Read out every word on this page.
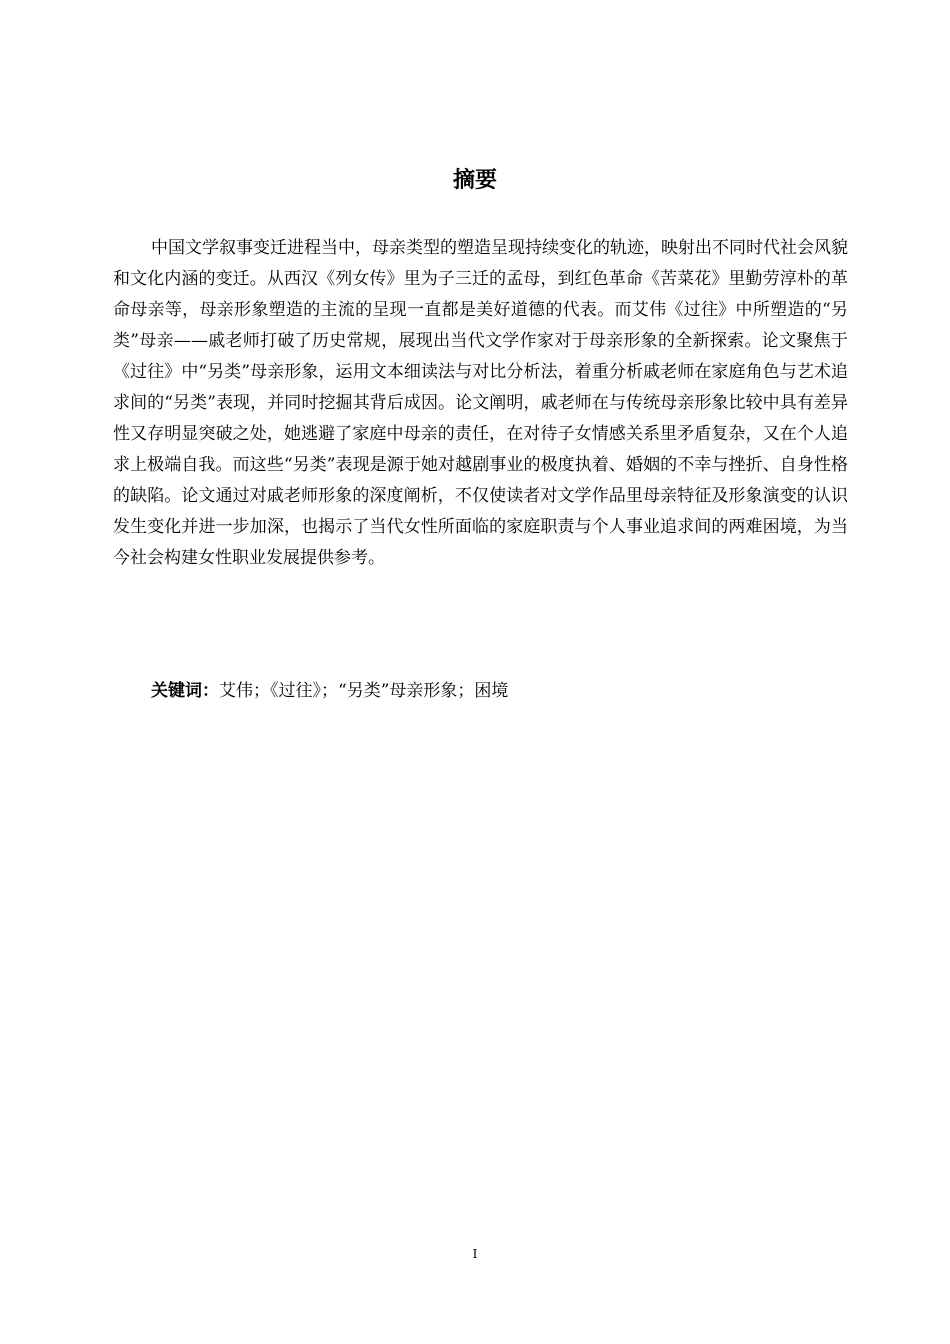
摘要

中国文学叙事变迁进程当中，母亲类型的塑造呈现持续变化的轨迹，映射出不同时代社会风貌和文化内涵的变迁。从西汉《列女传》里为子三迁的孟母，到红色革命《苦菜花》里勤劳淳朴的革命母亲等，母亲形象塑造的主流的呈现一直都是美好道德的代表。而艾伟《过往》中所塑造的“另类”母亲——戚老师打破了历史常规，展现出当代文学作家对于母亲形象的全新探索。论文聚焦于《过往》中“另类”母亲形象，运用文本细读法与对比分析法，着重分析戚老师在家庭角色与艺术追求间的“另类”表现，并同时挖掘其背后成因。论文阐明，戚老师在与传统母亲形象比较中具有差异性又存明显突破之处，她逃避了家庭中母亲的责任，在对待子女情感关系里矛盾复杂，又在个人追求上极端自我。而这些“另类”表现是源于她对越剧事业的极度执着、婚姻的不幸与挫折、自身性格的缺陷。论文通过对戚老师形象的深度阐析，不仅使读者对文学作品里母亲特征及形象演变的认识发生变化并进一步加深，也揭示了当代女性所面临的家庭职责与个人事业追求间的两难困境，为当今社会构建女性职业发展提供参考。

关键词：艾伟；《过往》；“另类”母亲形象；困境

I
